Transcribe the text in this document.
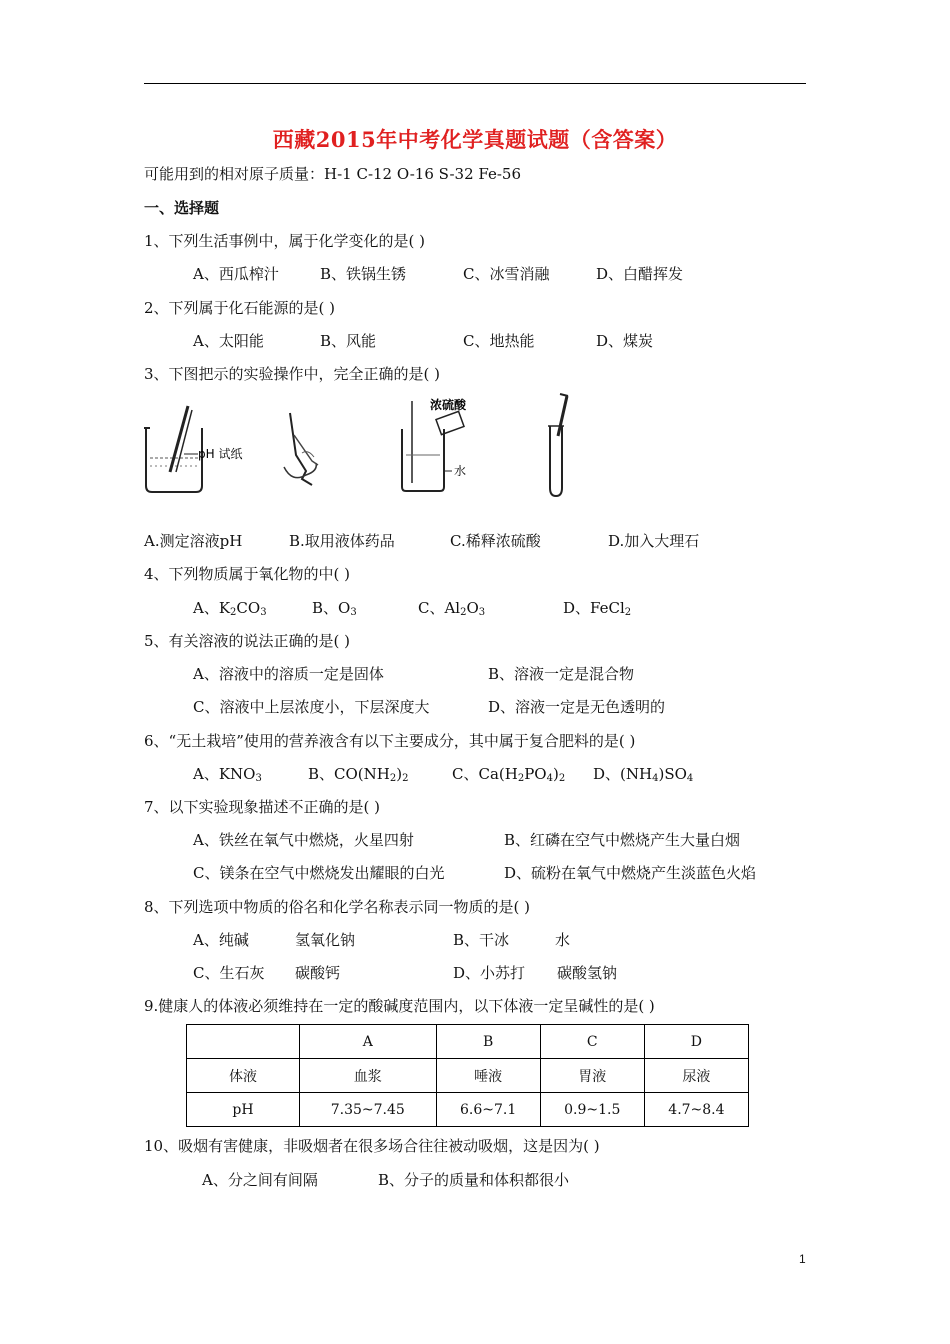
西藏2015年中考化学真题试题（含答案）
可能用到的相对原子质量：H-1 C-12 O-16 S-32 Fe-56
一、选择题
1、下列生活事例中，属于化学变化的是( )
A、西瓜榨汁	B、铁锅生锈	C、冰雪消融	D、白醋挥发
2、下列属于化石能源的是( )
A、太阳能	B、风能	C、地热能	D、煤炭
3、下图把示的实验操作中，完全正确的是( )
pH 试纸
浓硫酸
水
A.测定溶液pH	B.取用液体药品	C.稀释浓硫酸	D.加入大理石
4、下列物质属于氧化物的中( )
A、$K_2CO_3$	B、$O_3$	C、$Al_2O_3$	D、FeCl$_2$
5、有关溶液的说法正确的是( )
A、溶液中的溶质一定是固体	B、溶液一定是混合物
C、溶液中上层浓度小，下层深度大	D、溶液一定是无色透明的
6、“无土栽培”使用的营养液含有以下主要成分，其中属于复合肥料的是( )
A、$KNO_3$	B、$CO(NH_2)_2$	C、$Ca(H_2PO_4)_2$ D、$(NH_4)SO_4$
7、以下实验现象描述不正确的是( )
A、铁丝在氧气中燃烧，火星四射	B、红磷在空气中燃烧产生大量白烟
C、镁条在空气中燃烧发出耀眼的白光	D、硫粉在氧气中燃烧产生淡蓝色火焰
8、下列选项中物质的俗名和化学名称表示同一物质的是( )
A、纯碱	氢氧化钠	B、干冰	水
C、生石灰 碳酸钙	D、小苏打 碳酸氢钠
9.健康人的体液必须维持在一定的酸碱度范围内，以下体液一定呈碱性的是( )
	A	B	C	D
体液	血浆	唾液	胃液	尿液
pH	7.35~7.45	6.6~7.1	0.9~1.5	4.7~8.4
10、吸烟有害健康，非吸烟者在很多场合往往被动吸烟，这是因为( )
A、分之间有间隔	B、分子的质量和体积都很小
1
